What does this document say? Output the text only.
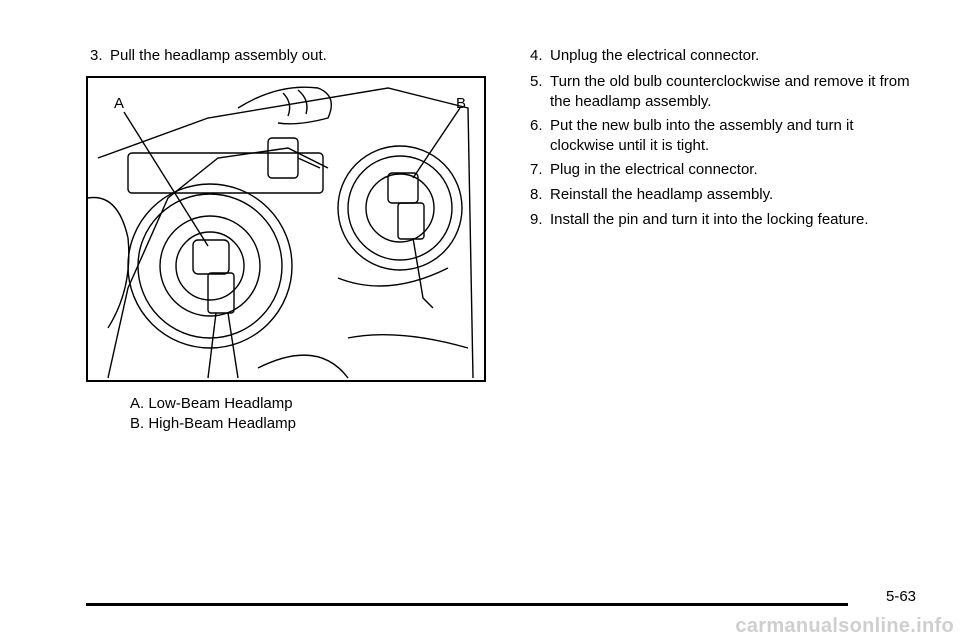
3. Pull the headlamp assembly out.
A	B
A. Low-Beam Headlamp
B. High-Beam Headlamp
4. Unplug the electrical connector.
5. Turn the old bulb counterclockwise and remove it from the headlamp assembly.
6. Put the new bulb into the assembly and turn it clockwise until it is tight.
7. Plug in the electrical connector.
8. Reinstall the headlamp assembly.
9. Install the pin and turn it into the locking feature.
5-63
carmanualsonline.info
